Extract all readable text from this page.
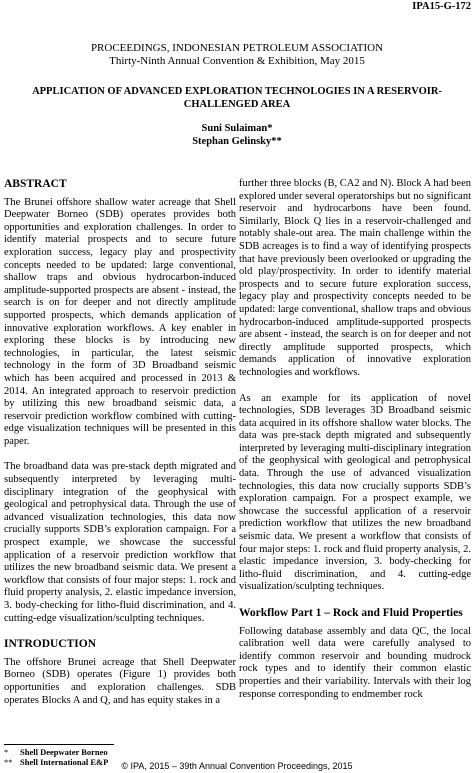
IPA15-G-172
PROCEEDINGS, INDONESIAN PETROLEUM ASSOCIATION
Thirty-Ninth Annual Convention & Exhibition, May 2015
APPLICATION OF ADVANCED EXPLORATION TECHNOLOGIES IN A RESERVOIR-CHALLENGED AREA
Suni Sulaiman*
Stephan Gelinsky**
ABSTRACT
The Brunei offshore shallow water acreage that Shell Deepwater Borneo (SDB) operates provides both opportunities and exploration challenges. In order to identify material prospects and to secure future exploration success, legacy play and prospectivity concepts needed to be updated: large conventional, shallow traps and obvious hydrocarbon-induced amplitude-supported prospects are absent - instead, the search is on for deeper and not directly amplitude supported prospects, which demands application of innovative exploration workflows. A key enabler in exploring these blocks is by introducing new technologies, in particular, the latest seismic technology in the form of 3D Broadband seismic which has been acquired and processed in 2013 & 2014. An integrated approach to reservoir prediction by utilizing this new broadband seismic data, a reservoir prediction workflow combined with cutting-edge visualization techniques will be presented in this paper.
The broadband data was pre-stack depth migrated and subsequently interpreted by leveraging multi-disciplinary integration of the geophysical with geological and petrophysical data. Through the use of advanced visualization technologies, this data now crucially supports SDB’s exploration campaign. For a prospect example, we showcase the successful application of a reservoir prediction workflow that utilizes the new broadband seismic data. We present a workflow that consists of four major steps: 1. rock and fluid property analysis, 2. elastic impedance inversion, 3. body-checking for litho-fluid discrimination, and 4. cutting-edge visualization/sculpting techniques.
INTRODUCTION
The offshore Brunei acreage that Shell Deepwater Borneo (SDB) operates (Figure 1) provides both opportunities and exploration challenges. SDB operates Blocks A and Q, and has equity stakes in a
further three blocks (B, CA2 and N). Block A had been explored under several operatorships but no significant reservoir and hydrocarbons have been found. Similarly, Block Q lies in a reservoir-challenged and notably shale-out area. The main challenge within the SDB acreages is to find a way of identifying prospects that have previously been overlooked or upgrading the old play/prospectivity. In order to identify material prospects and to secure future exploration success, legacy play and prospectivity concepts needed to be updated: large conventional, shallow traps and obvious hydrocarbon-induced amplitude-supported prospects are absent - instead, the search is on for deeper and not directly amplitude supported prospects, which demands application of innovative exploration technologies and workflows.
As an example for its application of novel technologies, SDB leverages 3D Broadband seismic data acquired in its offshore shallow water blocks. The data was pre-stack depth migrated and subsequently interpreted by leveraging multi-disciplinary integration of the geophysical with geological and petrophysical data. Through the use of advanced visualization technologies, this data now crucially supports SDB’s exploration campaign. For a prospect example, we showcase the successful application of a reservoir prediction workflow that utilizes the new broadband seismic data. We present a workflow that consists of four major steps: 1. rock and fluid property analysis, 2. elastic impedance inversion, 3. body-checking for litho-fluid discrimination, and 4. cutting-edge visualization/sculpting techniques.
Workflow Part 1 – Rock and Fluid Properties
Following database assembly and data QC, the local calibration well data were carefully analysed to identify common reservoir and bounding mudrock rock types and to identify their common elastic properties and their variability. Intervals with their log response corresponding to endmember rock
* Shell Deepwater Borneo
** Shell International E&P	© IPA, 2015 – 39th Annual Convention Proceedings, 2015
